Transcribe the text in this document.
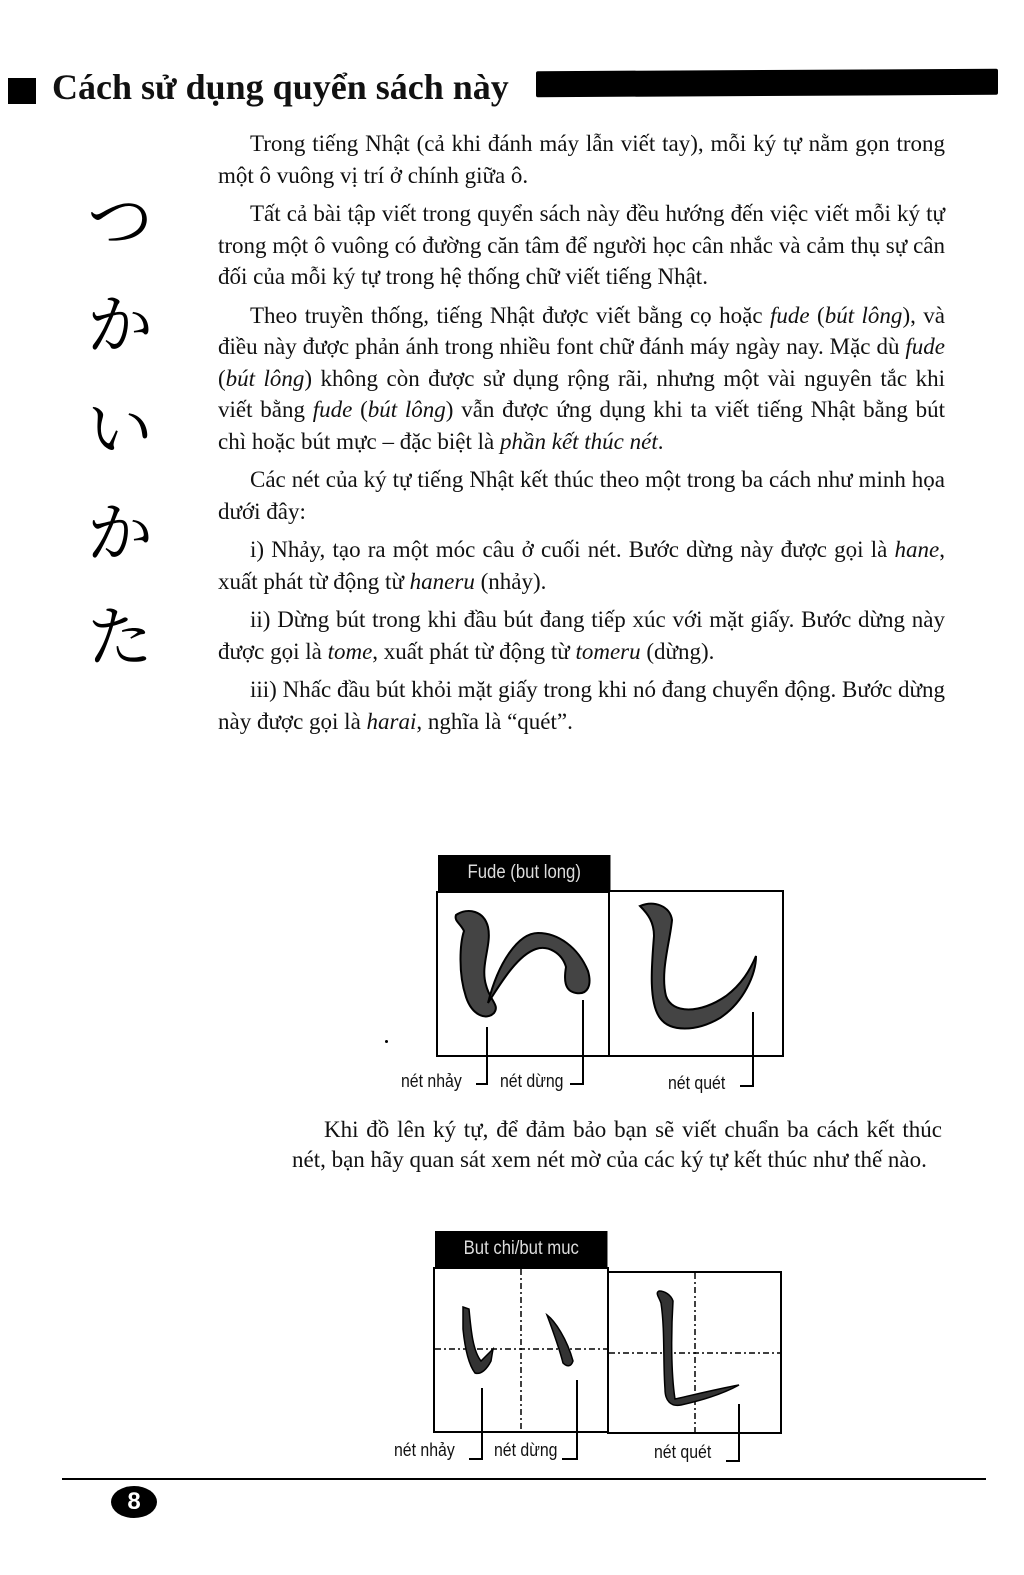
Cách sử dụng quyển sách này
つ
か
い
か
た

Trong tiếng Nhật (cả khi đánh máy lẫn viết tay), mỗi ký tự nằm gọn trong một ô vuông vị trí ở chính giữa ô.

Tất cả bài tập viết trong quyển sách này đều hướng đến việc viết mỗi ký tự trong một ô vuông có đường căn tâm để người học cân nhắc và cảm thụ sự cân đối của mỗi ký tự trong hệ thống chữ viết tiếng Nhật.

Theo truyền thống, tiếng Nhật được viết bằng cọ hoặc fude (bút lông), và điều này được phản ánh trong nhiều font chữ đánh máy ngày nay. Mặc dù fude (bút lông) không còn được sử dụng rộng rãi, nhưng một vài nguyên tắc khi viết bằng fude (bút lông) vẫn được ứng dụng khi ta viết tiếng Nhật bằng bút chì hoặc bút mực – đặc biệt là phần kết thúc nét.

Các nét của ký tự tiếng Nhật kết thúc theo một trong ba cách như minh họa dưới đây:

i) Nhảy, tạo ra một móc câu ở cuối nét. Bước dừng này được gọi là hane, xuất phát từ động từ haneru (nhảy).

ii) Dừng bút trong khi đầu bút đang tiếp xúc với mặt giấy. Bước dừng này được gọi là tome, xuất phát từ động từ tomeru (dừng).

iii) Nhấc đầu bút khỏi mặt giấy trong khi nó đang chuyển động. Bước dừng này được gọi là harai, nghĩa là “quét”.

Fude (but long)
nét nhảy nét dừng	nét quét

Khi đồ lên ký tự, để đảm bảo bạn sẽ viết chuẩn ba cách kết thúc nét, bạn hãy quan sát xem nét mờ của các ký tự kết thúc như thế nào.

But chi/but muc
nét nhảy nét dừng	nét quét
8
